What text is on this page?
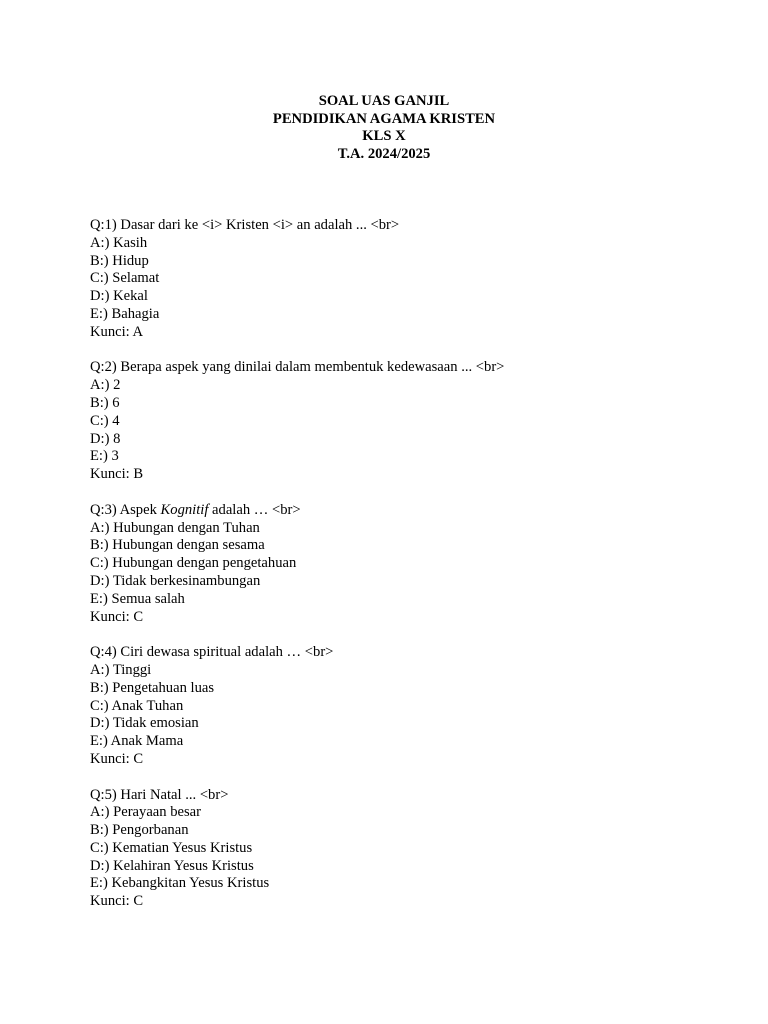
SOAL UAS GANJIL
PENDIDIKAN AGAMA KRISTEN
KLS X
T.A. 2024/2025
Q:1) Dasar dari ke <i> Kristen <i> an adalah ... <br>
A:) Kasih
B:) Hidup
C:) Selamat
D:) Kekal
E:) Bahagia
Kunci: A
Q:2) Berapa aspek yang dinilai dalam membentuk kedewasaan ... <br>
A:) 2
B:) 6
C:) 4
D:) 8
E:) 3
Kunci: B
Q:3) Aspek Kognitif adalah … <br>
A:) Hubungan dengan Tuhan
B:) Hubungan dengan sesama
C:) Hubungan dengan pengetahuan
D:) Tidak berkesinambungan
E:) Semua salah
Kunci: C
Q:4) Ciri dewasa spiritual adalah … <br>
A:) Tinggi
B:) Pengetahuan luas
C:) Anak Tuhan
D:) Tidak emosian
E:) Anak Mama
Kunci: C
Q:5) Hari Natal ... <br>
A:) Perayaan besar
B:) Pengorbanan
C:) Kematian Yesus Kristus
D:) Kelahiran Yesus Kristus
E:) Kebangkitan Yesus Kristus
Kunci: C
